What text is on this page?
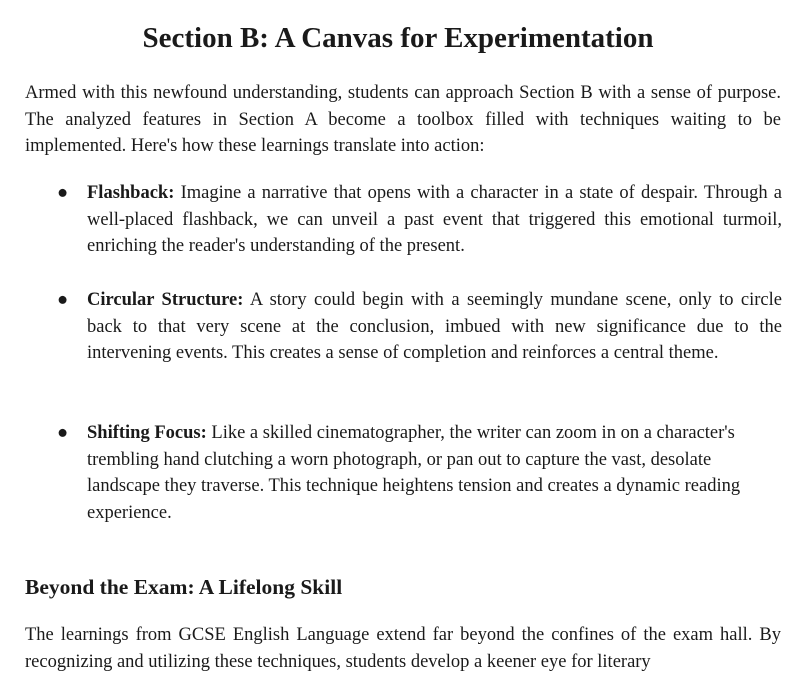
Section B: A Canvas for Experimentation

Armed with this newfound understanding, students can approach Section B with a sense of purpose. The analyzed features in Section A become a toolbox filled with techniques waiting to be implemented. Here's how these learnings translate into action:

●	Flashback: Imagine a narrative that opens with a character in a state of despair. Through a well-placed flashback, we can unveil a past event that triggered this emotional turmoil, enriching the reader's understanding of the present.
●	Circular Structure: A story could begin with a seemingly mundane scene, only to circle back to that very scene at the conclusion, imbued with new significance due to the intervening events. This creates a sense of completion and reinforces a central theme.
●	Shifting Focus: Like a skilled cinematographer, the writer can zoom in on a character's trembling hand clutching a worn photograph, or pan out to capture the vast, desolate landscape they traverse. This technique heightens tension and creates a dynamic reading experience.
Beyond the Exam: A Lifelong Skill

The learnings from GCSE English Language extend far beyond the confines of the exam hall. By recognizing and utilizing these techniques, students develop a keener eye for literary
